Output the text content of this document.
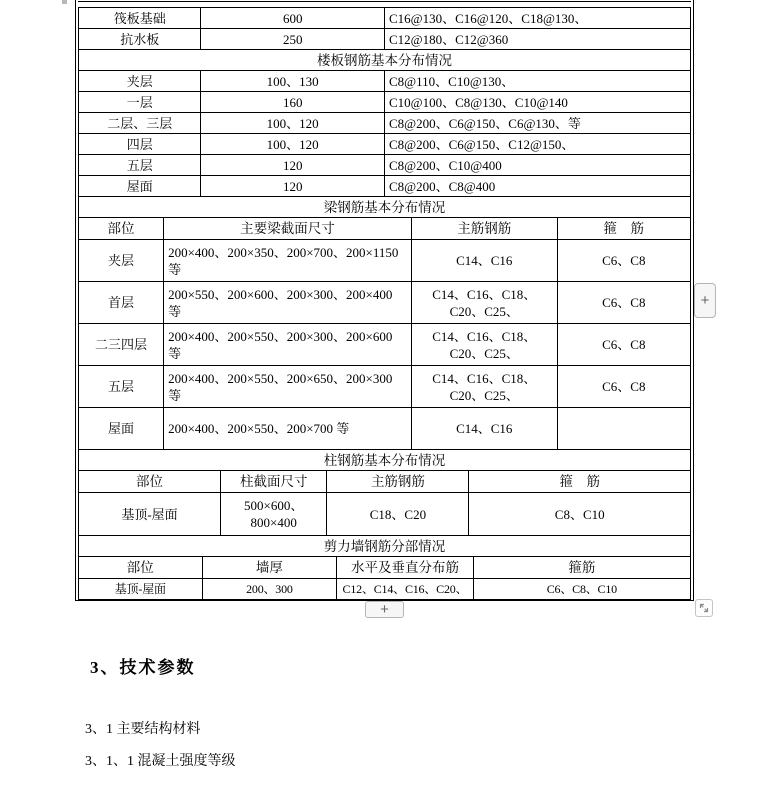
筏板基础	600	C16@130、C16@120、C18@130、
抗水板	250	C12@180、C12@360
楼板钢筋基本分布情况
夹层	100、130	C8@110、C10@130、
一层	160	C10@100、C8@130、C10@140
二层、三层	100、120	C8@200、C6@150、C6@130、等
四层	100、120	C8@200、C6@150、C12@150、
五层	120	C8@200、C10@400
屋面	120	C8@200、C8@400
梁钢筋基本分布情况
部位	主要梁截面尺寸	主筋钢筋	箍　筋
夹层	200×400、200×350、200×700、200×1150 等	C14、C16	C6、C8
首层	200×550、200×600、200×300、200×400 等	C14、C16、C18、C20、C25、	C6、C8
二三四层	200×400、200×550、200×300、200×600 等	C14、C16、C18、C20、C25、	C6、C8
五层	200×400、200×550、200×650、200×300 等	C14、C16、C18、C20、C25、	C6、C8
屋面	200×400、200×550、200×700 等	C14、C16	
柱钢筋基本分布情况
部位	柱截面尺寸	主筋钢筋	箍　筋
基顶-屋面	500×600、800×400	C18、C20	C8、C10
剪力墙钢筋分部情况
部位	墙厚	水平及垂直分布筋	箍筋
基顶-屋面	200、300	C12、C14、C16、C20、	C6、C8、C10
+
+
3、技术参数

3、1 主要结构材料

3、1、1 混凝土强度等级
